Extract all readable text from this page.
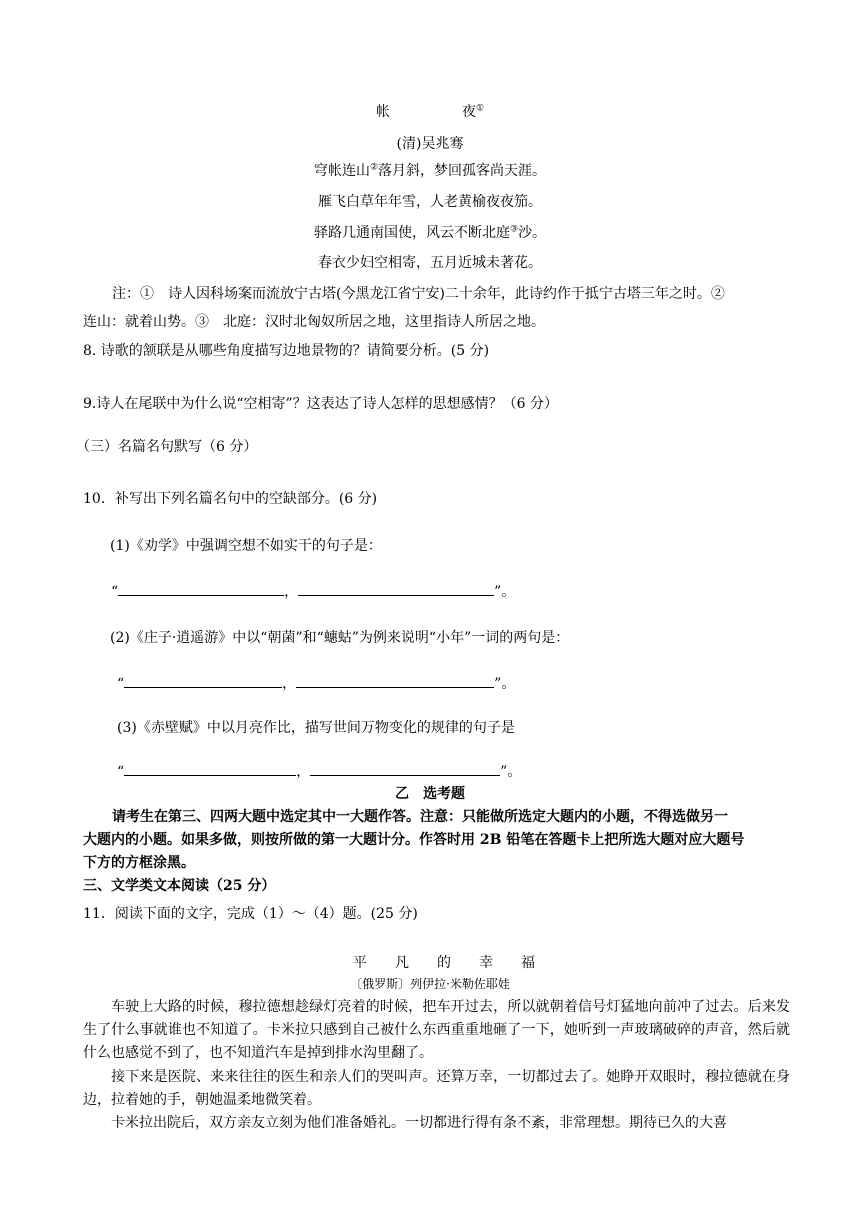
帐	夜①
(清)吴兆骞
穹帐连山②落月斜，梦回孤客尚天涯。
雁飞白草年年雪，人老黄榆夜夜笳。
驿路几通南国使，风云不断北庭③沙。
春衣少妇空相寄，五月近城未著花。
注：①　诗人因科场案而流放宁古塔(今黑龙江省宁安)二十余年，此诗约作于抵宁古塔三年之时。②
连山：就着山势。③　北庭：汉时北匈奴所居之地，这里指诗人所居之地。
8. 诗歌的颔联是从哪些角度描写边地景物的？请简要分析。(5 分)
9.诗人在尾联中为什么说“空相寄”？这表达了诗人怎样的思想感情？（6 分）
（三）名篇名句默写（6 分）
10．补写出下列名篇名句中的空缺部分。(6 分)
(1)《劝学》中强调空想不如实干的句子是：
“	，	”。
(2)《庄子·逍遥游》中以“朝菌”和“蟪蛄”为例来说明“小年”一词的两句是：
“	，	”。
(3)《赤壁赋》中以月亮作比，描写世间万物变化的规律的句子是
“	，	”。
乙　选考题
请考生在第三、四两大题中选定其中一大题作答。注意：只能做所选定大题内的小题，不得选做另一
大题内的小题。如果多做，则按所做的第一大题计分。作答时用 2B 铅笔在答题卡上把所选大题对应大题号
下方的方框涂黑。
三、文学类文本阅读（25 分）
11．阅读下面的文字，完成（1）～（4）题。(25 分)
平凡的幸福
〔俄罗斯〕列伊拉·米勒佐耶娃
车驶上大路的时候，穆拉德想趁绿灯亮着的时候，把车开过去，所以就朝着信号灯猛地向前冲了过去。后来发生了什么事就谁也不知道了。卡米拉只感到自己被什么东西重重地砸了一下，她听到一声玻璃破碎的声音，然后就什么也感觉不到了，也不知道汽车是掉到排水沟里翻了。
接下来是医院、来来往往的医生和亲人们的哭叫声。还算万幸，一切都过去了。她睁开双眼时，穆拉德就在身边，拉着她的手，朝她温柔地微笑着。
卡米拉出院后，双方亲友立刻为他们准备婚礼。一切都进行得有条不紊，非常理想。期待已久的大喜
